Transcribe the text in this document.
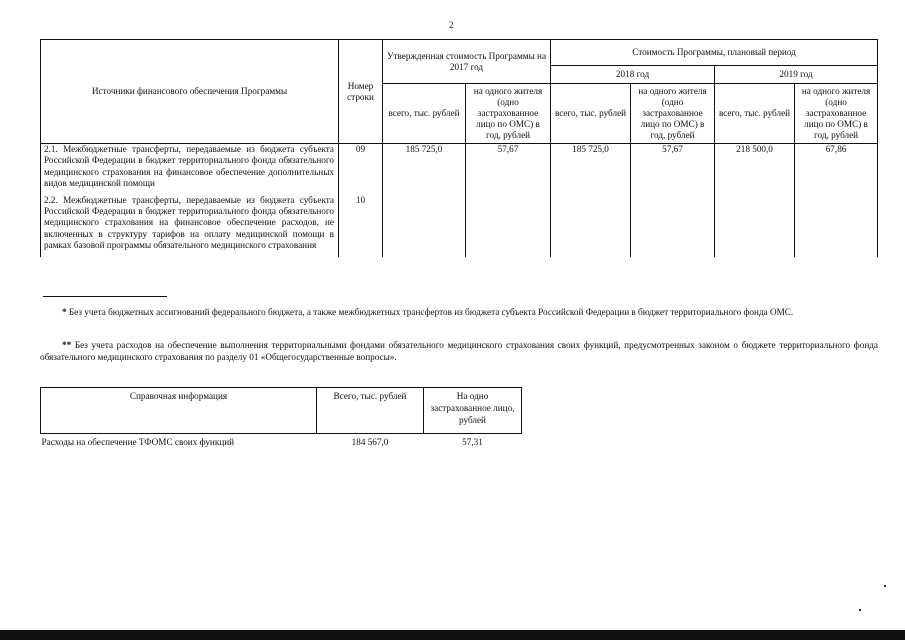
2
Источники финансового обеспечения Программы	Номер строки	Утвержденная стоимость Программы на 2017 год		Стоимость Программы, плановый период			
				2018 год		2019 год	
		всего, тыс. рублей	на одного жителя (одно застрахованное лицо по ОМС) в год, рублей	всего, тыс. рублей	на одного жителя (одно застрахованное лицо по ОМС) в год, рублей	всего, тыс. рублей	на одного жителя (одно застрахованное лицо по ОМС) в год, рублей
2.1. Межбюджетные трансферты, передаваемые из бюджета субъекта Российской Федерации в бюджет территориального фонда обязательного медицинского страхования на финансовое обеспечение дополнительных видов медицинской помощи	09	185 725,0	57,67	185 725,0	57,67	218 500,0	67,86
2.2. Межбюджетные трансферты, передаваемые из бюджета субъекта Российской Федерации в бюджет территориального фонда обязательного медицинского страхования на финансовое обеспечение расходов, не включенных в структуру тарифов на оплату медицинской помощи в рамках базовой программы обязательного медицинского страхования	10						

* Без учета бюджетных ассигнований федерального бюджета, а также межбюджетных трансфертов из бюджета субъекта Российской Федерации в бюджет территориального фонда ОМС.

** Без учета расходов на обеспечение выполнения территориальными фондами обязательного медицинского страхования своих функций, предусмотренных законом о бюджете территориального фонда обязательного медицинского страхования по разделу 01 «Общегосударственные вопросы».

Справочная информация	Всего, тыс. рублей	На одно застрахованное лицо, рублей
Расходы на обеспечение ТФОМС своих функций	184 567,0	57,31
